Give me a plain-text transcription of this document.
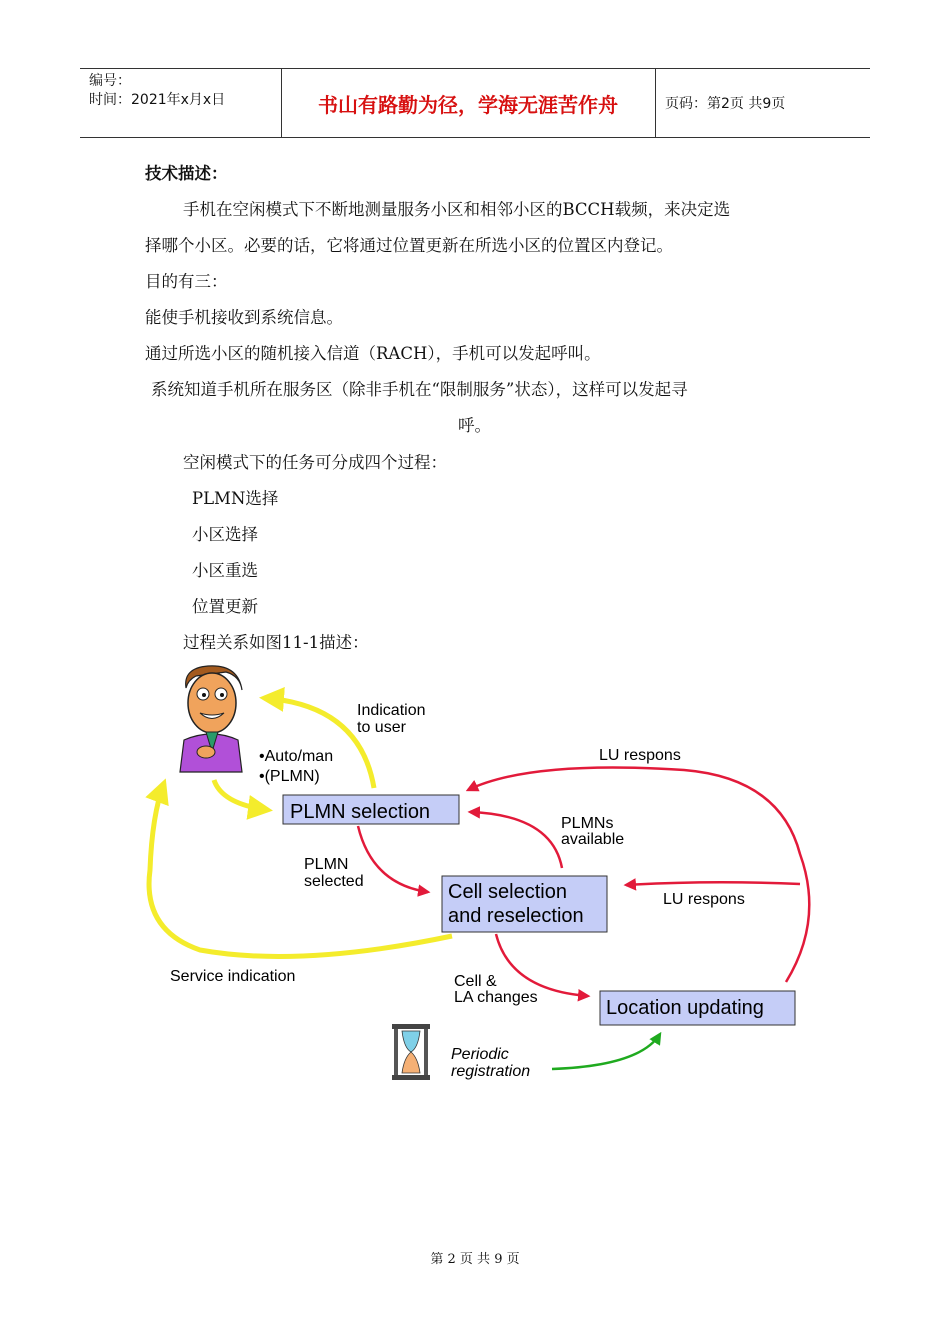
编号：
时间：2021年x月x日	书山有路勤为径，学海无涯苦作舟	页码：第2页 共9页
技术描述：
手机在空闲模式下不断地测量服务小区和相邻小区的BCCH载频，来决定选
择哪个小区。必要的话，它将通过位置更新在所选小区的位置区内登记。
目的有三：
能使手机接收到系统信息。
通过所选小区的随机接入信道（RACH），手机可以发起呼叫。
系统知道手机所在服务区（除非手机在“限制服务”状态），这样可以发起寻
呼。
空闲模式下的任务可分成四个过程：
PLMN选择
小区选择
小区重选
位置更新
过程关系如图11-1描述：
PLMN selection
Cell selection
and reselection
Location updating
Indication
to user
•Auto/man
•(PLMN)
LU respons
PLMNs
available
PLMN
selected
LU respons
Service indication	Cell &
LA changes
Periodic
registration
第 2 页 共 9 页
